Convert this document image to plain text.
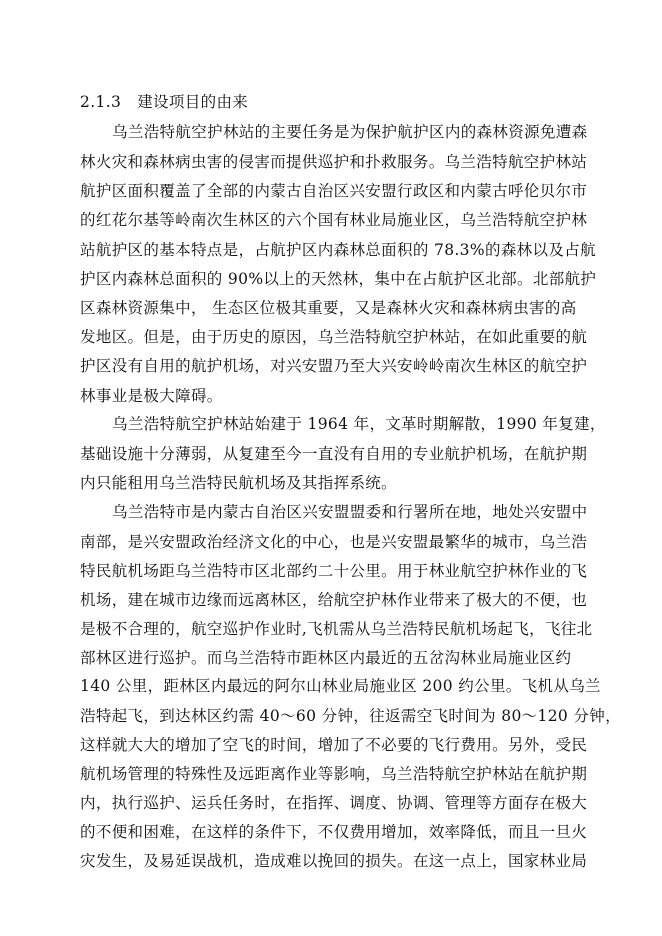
2.1.3 建设项目的由来
乌兰浩特航空护林站的主要任务是为保护航护区内的森林资源免遭森
林火灾和森林病虫害的侵害而提供巡护和扑救服务。乌兰浩特航空护林站
航护区面积覆盖了全部的内蒙古自治区兴安盟行政区和内蒙古呼伦贝尔市
的红花尔基等岭南次生林区的六个国有林业局施业区，乌兰浩特航空护林
站航护区的基本特点是，占航护区内森林总面积的 78.3%的森林以及占航
护区内森林总面积的 90%以上的天然林，集中在占航护区北部。北部航护
区森林资源集中， 生态区位极其重要，又是森林火灾和森林病虫害的高
发地区。但是，由于历史的原因，乌兰浩特航空护林站，在如此重要的航
护区没有自用的航护机场，对兴安盟乃至大兴安岭岭南次生林区的航空护
林事业是极大障碍。
乌兰浩特航空护林站始建于 1964 年，文革时期解散，1990 年复建，
基础设施十分薄弱，从复建至今一直没有自用的专业航护机场，在航护期
内只能租用乌兰浩特民航机场及其指挥系统。
乌兰浩特市是内蒙古自治区兴安盟盟委和行署所在地，地处兴安盟中
南部，是兴安盟政治经济文化的中心，也是兴安盟最繁华的城市，乌兰浩
特民航机场距乌兰浩特市区北部约二十公里。用于林业航空护林作业的飞
机场，建在城市边缘而远离林区，给航空护林作业带来了极大的不便，也
是极不合理的，航空巡护作业时,飞机需从乌兰浩特民航机场起飞，飞往北
部林区进行巡护。而乌兰浩特市距林区内最近的五岔沟林业局施业区约
140 公里，距林区内最远的阿尔山林业局施业区 200 约公里。飞机从乌兰
浩特起飞，到达林区约需 40～60 分钟，往返需空飞时间为 80～120 分钟，
这样就大大的增加了空飞的时间，增加了不必要的飞行费用。另外，受民
航机场管理的特殊性及远距离作业等影响，乌兰浩特航空护林站在航护期
内，执行巡护、运兵任务时，在指挥、调度、协调、管理等方面存在极大
的不便和困难，在这样的条件下，不仅费用增加，效率降低，而且一旦火
灾发生，及易延误战机，造成难以挽回的损失。在这一点上，国家林业局
